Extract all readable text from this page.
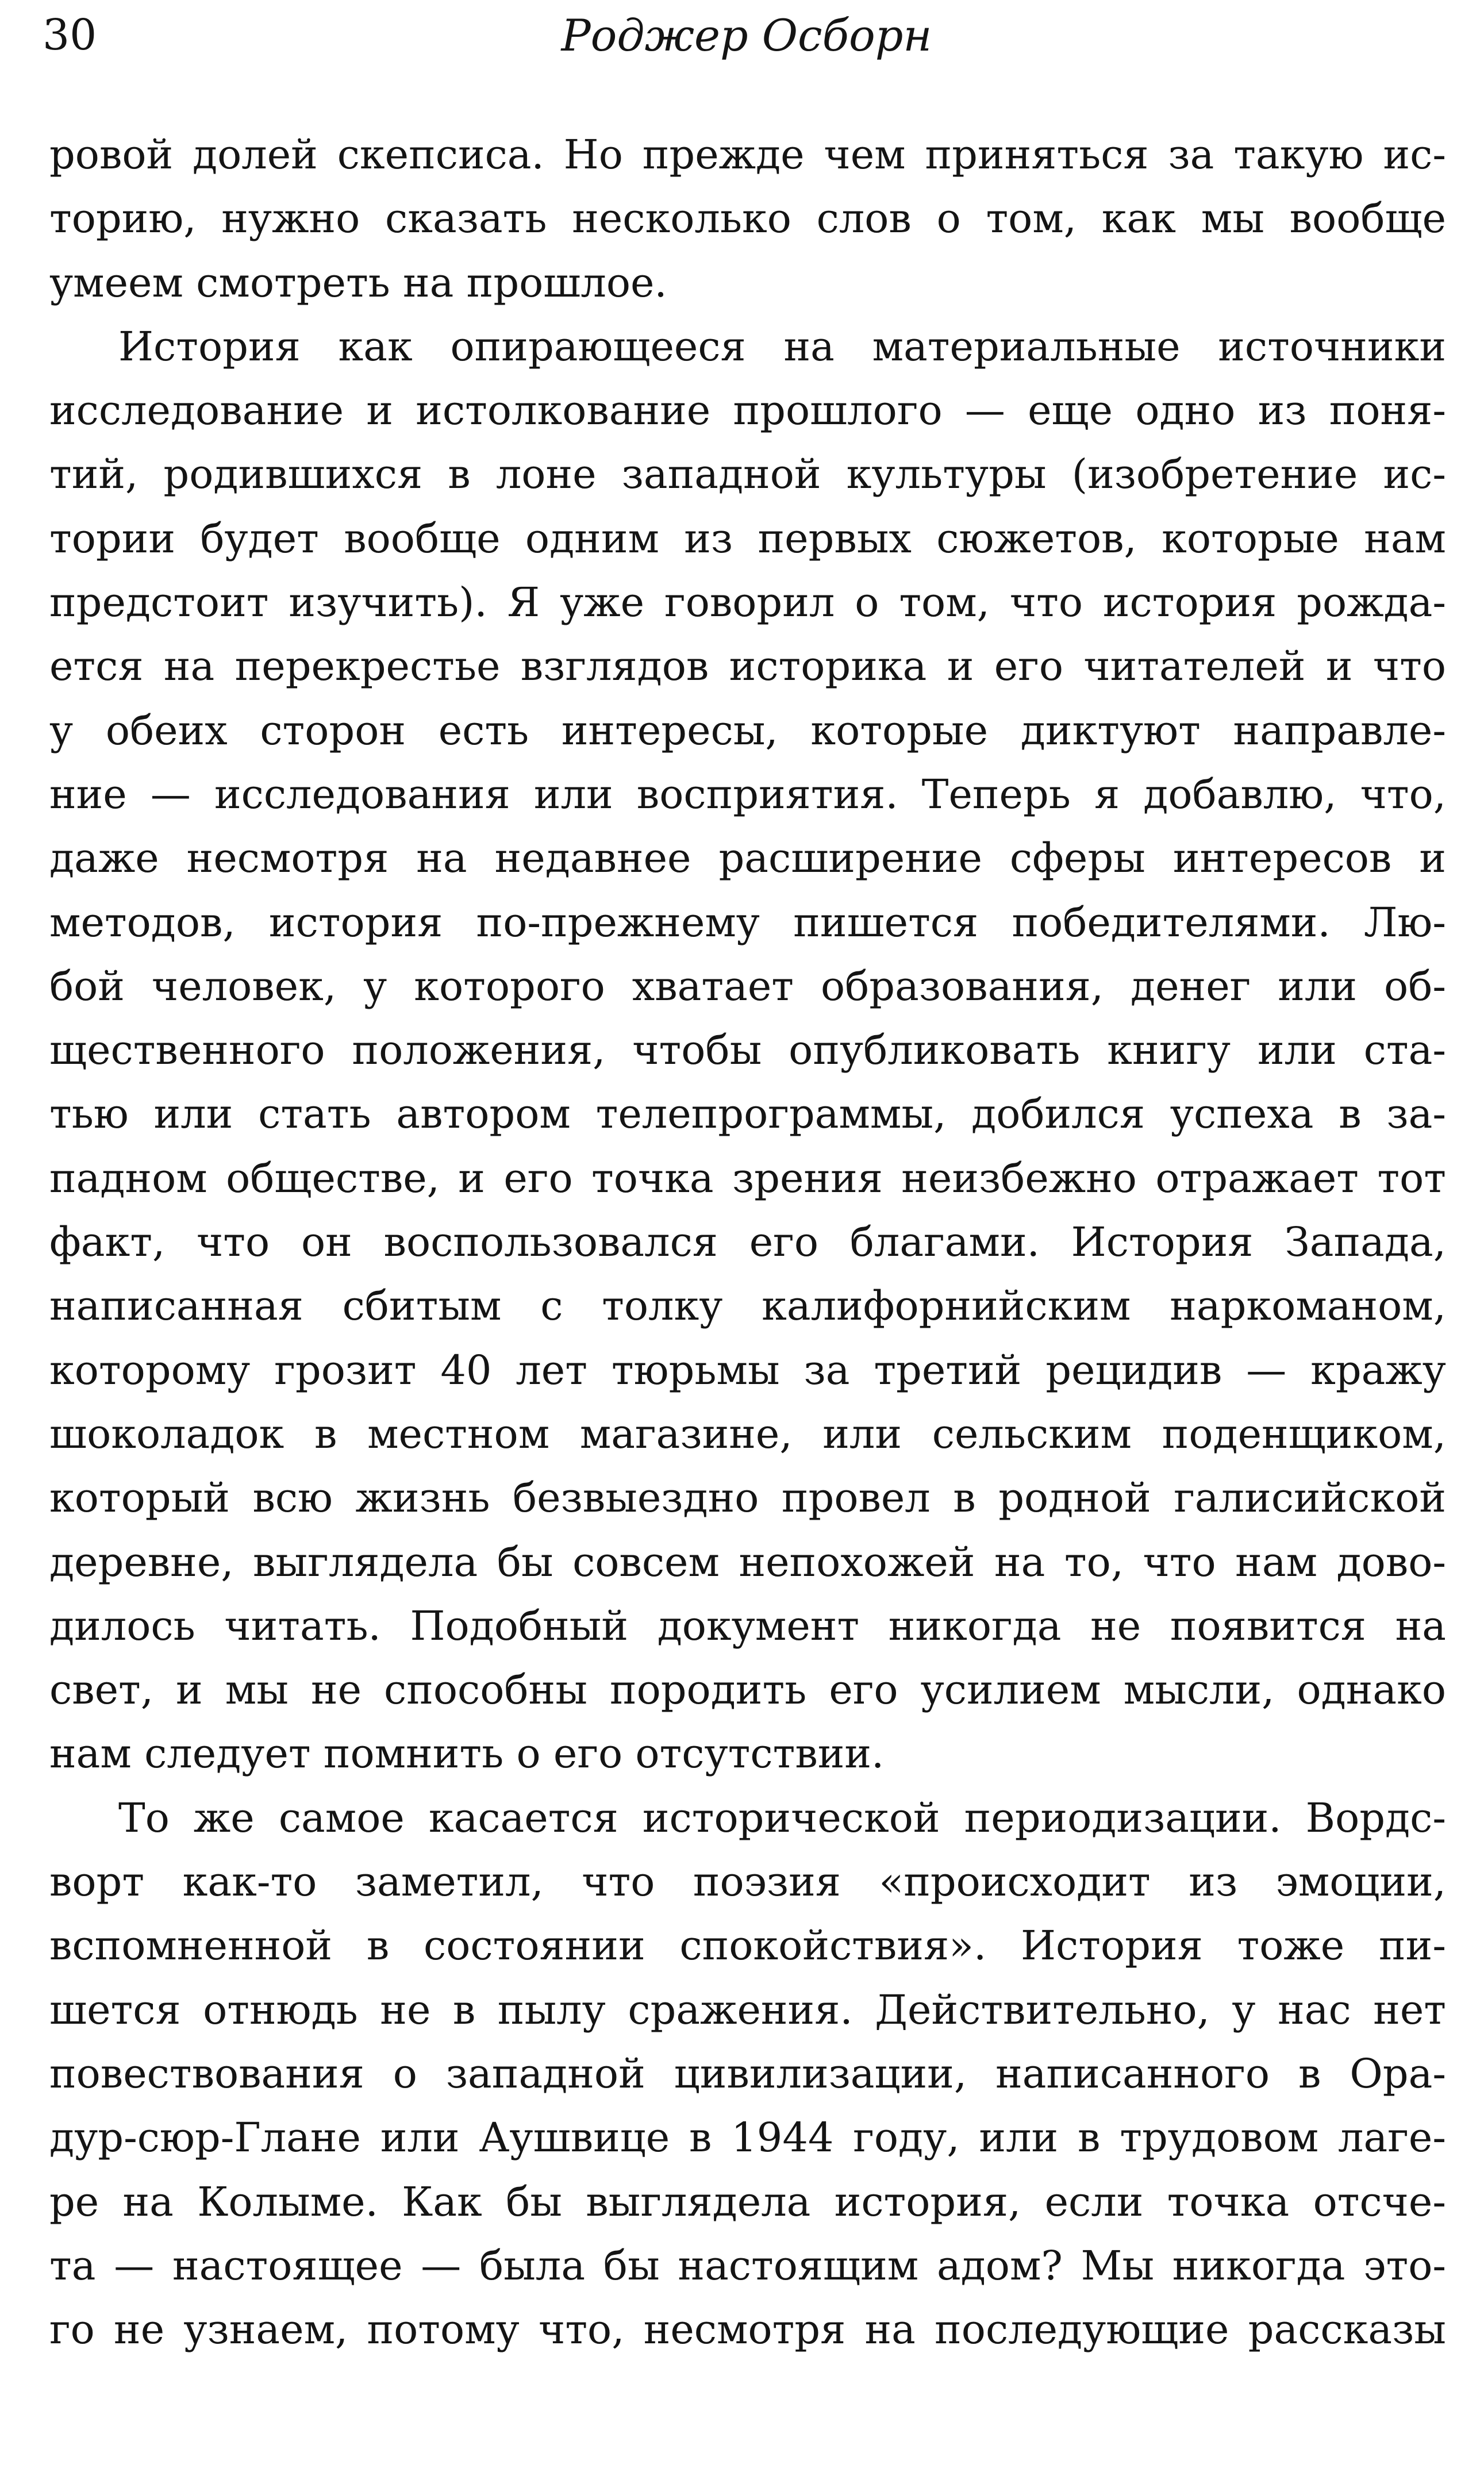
30	Роджер Осборн
ровой долей скепсиса. Но прежде чем приняться за такую ис-
торию, нужно сказать несколько слов о том, как мы вообще
умеем смотреть на прошлое.
История как опирающееся на материальные источники
исследование и истолкование прошлого — еще одно из поня-
тий, родившихся в лоне западной культуры (изобретение ис-
тории будет вообще одним из первых сюжетов, которые нам
предстоит изучить). Я уже говорил о том, что история рожда-
ется на перекрестье взглядов историка и его читателей и что
у обеих сторон есть интересы, которые диктуют направле-
ние — исследования или восприятия. Теперь я добавлю, что,
даже несмотря на недавнее расширение сферы интересов и
методов, история по-прежнему пишется победителями. Лю-
бой человек, у которого хватает образования, денег или об-
щественного положения, чтобы опубликовать книгу или ста-
тью или стать автором телепрограммы, добился успеха в за-
падном обществе, и его точка зрения неизбежно отражает тот
факт, что он воспользовался его благами. История Запада,
написанная сбитым с толку калифорнийским наркоманом,
которому грозит 40 лет тюрьмы за третий рецидив — кражу
шоколадок в местном магазине, или сельским поденщиком,
который всю жизнь безвыездно провел в родной галисийской
деревне, выглядела бы совсем непохожей на то, что нам дово-
дилось читать. Подобный документ никогда не появится на
свет, и мы не способны породить его усилием мысли, однако
нам следует помнить о его отсутствии.
То же самое касается исторической периодизации. Вордс-
ворт как-то заметил, что поэзия «происходит из эмоции,
вспомненной в состоянии спокойствия». История тоже пи-
шется отнюдь не в пылу сражения. Действительно, у нас нет
повествования о западной цивилизации, написанного в Ора-
дур-сюр-Глане или Аушвице в 1944 году, или в трудовом лаге-
ре на Колыме. Как бы выглядела история, если точка отсче-
та — настоящее — была бы настоящим адом? Мы никогда это-
го не узнаем, потому что, несмотря на последующие рассказы
